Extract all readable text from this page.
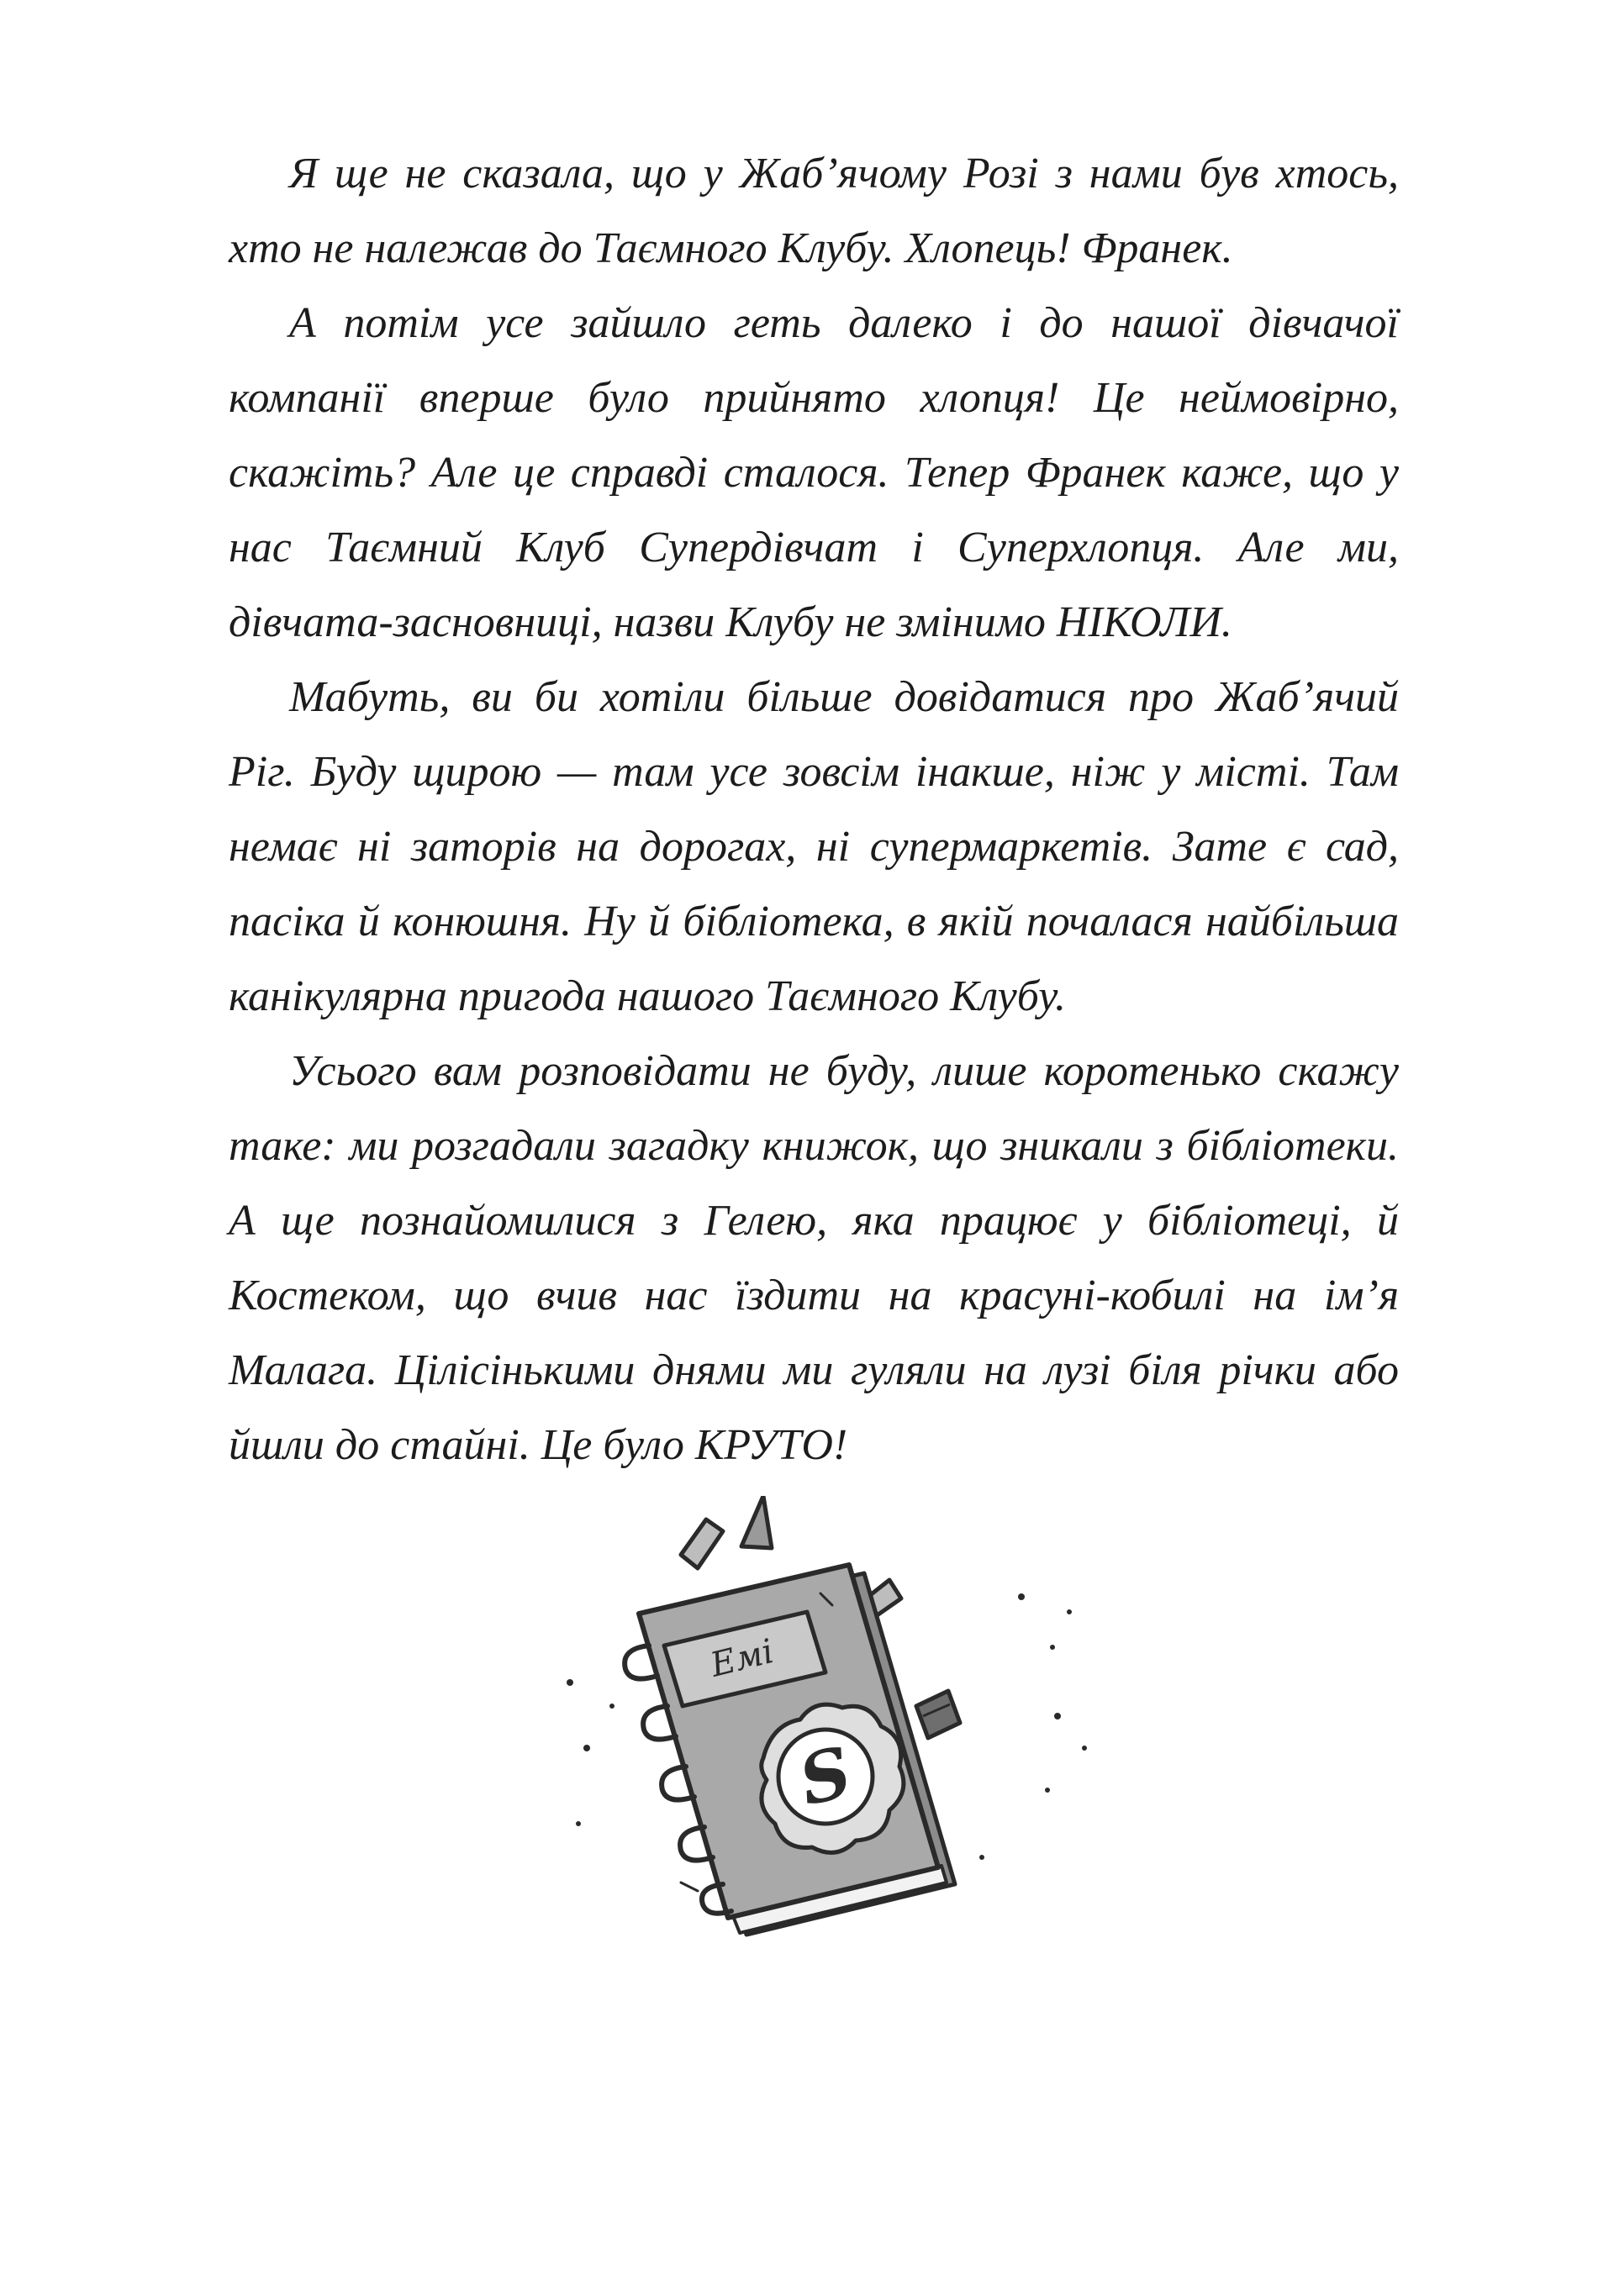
Я ще не сказала, що у Жаб’ячому Розі з нами був хтось, хто не належав до Таємного Клубу. Хлопець! Франек.

А потім усе зайшло геть далеко і до нашої дівчачої компанії вперше було прийнято хлопця! Це неймовірно, скажіть? Але це справді сталося. Тепер Франек каже, що у нас Таємний Клуб Супердівчат і Суперхлопця. Але ми, дівчата-засновниці, назви Клубу не змінимо НІКОЛИ.

Мабуть, ви би хотіли більше довідатися про Жаб’ячий Ріг. Буду щирою — там усе зовсім інакше, ніж у місті. Там немає ні заторів на дорогах, ні супермаркетів. Зате є сад, пасіка й конюшня. Ну й бібліотека, в якій почалася найбільша канікулярна пригода нашого Таємного Клубу.

Усього вам розповідати не буду, лише коротенько скажу таке: ми розгадали загадку книжок, що зникали з бібліотеки. А ще познайомилися з Гелею, яка працює у бібліотеці, й Костеком, що вчив нас їздити на красуні-кобилі на ім’я Малага. Цілісінькими днями ми гуляли на лузі біля річки або йшли до стайні. Це було КРУТО!

Емі
S
